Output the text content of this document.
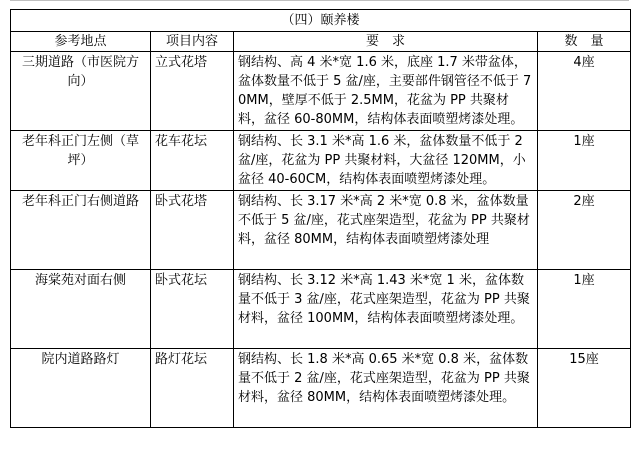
（四）颐养楼			
参考地点	项目内容	要　求	数　量
三期道路（市医院方向）	立式花塔	钢结构、高 4 米*宽 1.6 米，底座 1.7 米带盆体，盆体数量不低于 5 盆/座，主要部件钢管径不低于 70MM，壁厚不低于 2.5MM，花盆为 PP 共聚材料，盆径 60-80MM，结构体表面喷塑烤漆处理。	4座
老年科正门左侧（草坪）	花车花坛	钢结构、长 3.1 米*高 1.6 米，盆体数量不低于 2 盆/座，花盆为 PP 共聚材料，大盆径 120MM，小盆径 40-60CM，结构体表面喷塑烤漆处理。	1座
老年科正门右侧道路	卧式花塔	钢结构、长 3.17 米*高 2 米*宽 0.8 米，盆体数量不低于 5 盆/座，花式座架造型，花盆为 PP 共聚材料，盆径 80MM，结构体表面喷塑烤漆处理	2座
海棠苑对面右侧	卧式花坛	钢结构、长 3.12 米*高 1.43 米*宽 1 米，盆体数量不低于 3 盆/座，花式座架造型，花盆为 PP 共聚材料，盆径 100MM，结构体表面喷塑烤漆处理。	1座
院内道路路灯	路灯花坛	钢结构、长 1.8 米*高 0.65 米*宽 0.8 米，盆体数量不低于 2 盆/座，花式座架造型，花盆为 PP 共聚材料，盆径 80MM，结构体表面喷塑烤漆处理。	15座
